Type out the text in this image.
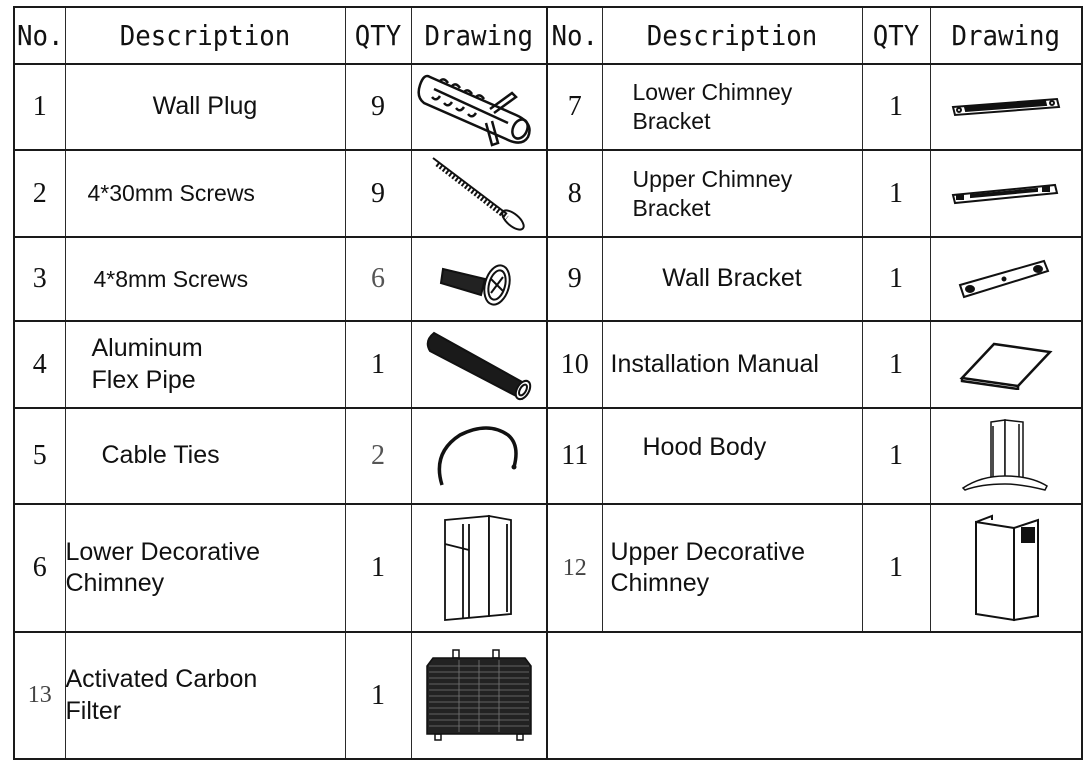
No.	Description	QTY	Drawing	No.	Description	QTY	Drawing
1	Wall Plug	9		7	Lower Chimney
Bracket	1	

2	4*30mm Screws	9		8	Upper Chimney
Bracket	1	

3	4*8mm Screws	6		9	Wall Bracket	1	

4	Aluminum
Flex Pipe	1		10	Installation Manual	1	

5	Cable Ties	2		11	Hood Body	1	

6	Lower Decorative
Chimney	1		12	Upper Decorative
Chimney	1	

13	Activated Carbon
Filter	1	
